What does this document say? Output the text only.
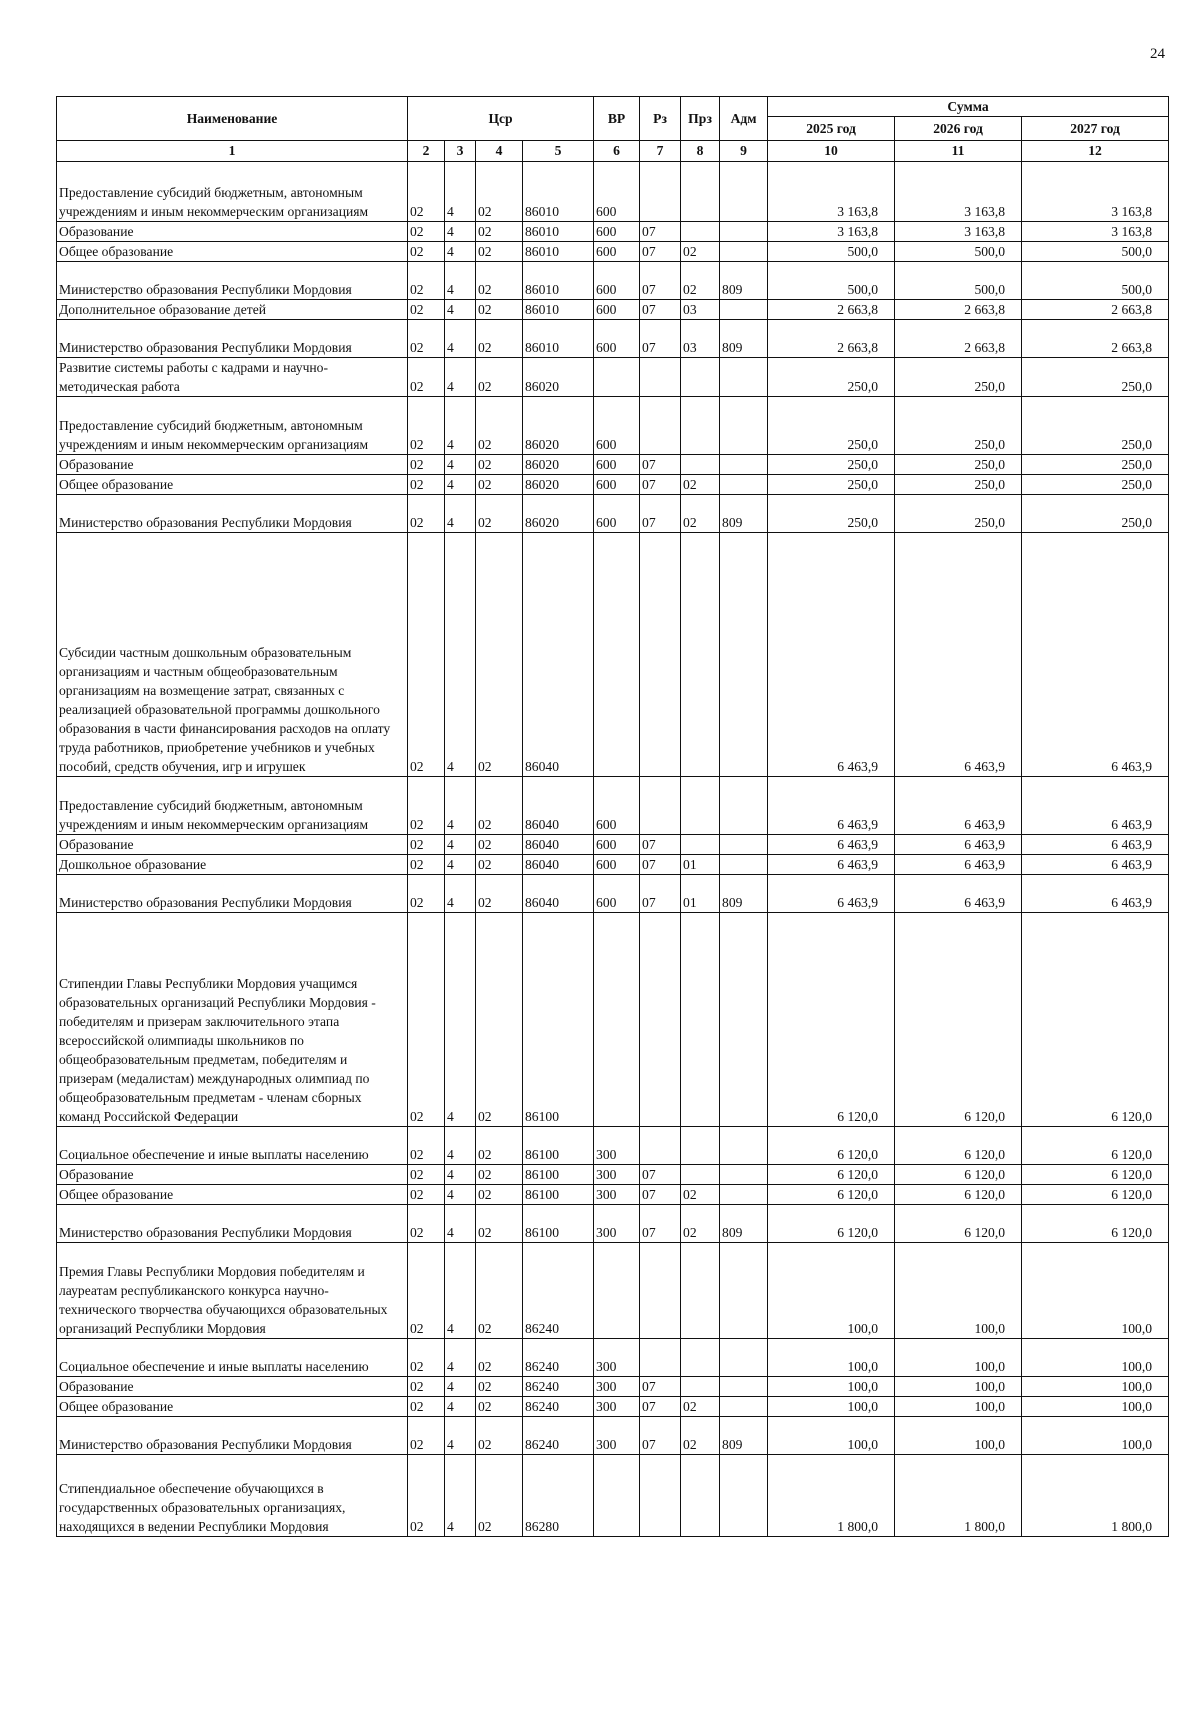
24
Наименование	Цср				ВР	Рз	Прз	Адм	Сумма		
									2025 год	2026 год	2027 год
1	2	3	4	5	6	7	8	9	10	11	12
Предоставление субсидий бюджетным, автономным учреждениям и иным некоммерческим организациям	02	4	02	86010	600				3 163,8	3 163,8	3 163,8
Образование	02	4	02	86010	600	07			3 163,8	3 163,8	3 163,8
Общее образование	02	4	02	86010	600	07	02		500,0	500,0	500,0
Министерство образования Республики Мордовия	02	4	02	86010	600	07	02	809	500,0	500,0	500,0
Дополнительное образование детей	02	4	02	86010	600	07	03		2 663,8	2 663,8	2 663,8
Министерство образования Республики Мордовия	02	4	02	86010	600	07	03	809	2 663,8	2 663,8	2 663,8
Развитие системы работы с кадрами и научно-методическая работа	02	4	02	86020					250,0	250,0	250,0
Предоставление субсидий бюджетным, автономным учреждениям и иным некоммерческим организациям	02	4	02	86020	600				250,0	250,0	250,0
Образование	02	4	02	86020	600	07			250,0	250,0	250,0
Общее образование	02	4	02	86020	600	07	02		250,0	250,0	250,0
Министерство образования Республики Мордовия	02	4	02	86020	600	07	02	809	250,0	250,0	250,0
Субсидии частным дошкольным образовательным организациям и частным общеобразовательным организациям на возмещение затрат, связанных с реализацией образовательной программы дошкольного образования в части финансирования расходов на оплату труда работников, приобретение учебников и учебных пособий, средств обучения, игр и игрушек	02	4	02	86040					6 463,9	6 463,9	6 463,9
Предоставление субсидий бюджетным, автономным учреждениям и иным некоммерческим организациям	02	4	02	86040	600				6 463,9	6 463,9	6 463,9
Образование	02	4	02	86040	600	07			6 463,9	6 463,9	6 463,9
Дошкольное образование	02	4	02	86040	600	07	01		6 463,9	6 463,9	6 463,9
Министерство образования Республики Мордовия	02	4	02	86040	600	07	01	809	6 463,9	6 463,9	6 463,9
Стипендии Главы Республики Мордовия учащимся образовательных организаций Республики Мордовия - победителям и призерам заключительного этапа всероссийской олимпиады школьников по общеобразовательным предметам, победителям и призерам (медалистам) международных олимпиад по общеобразовательным предметам - членам сборных команд Российской Федерации	02	4	02	86100					6 120,0	6 120,0	6 120,0
Социальное обеспечение и иные выплаты населению	02	4	02	86100	300				6 120,0	6 120,0	6 120,0
Образование	02	4	02	86100	300	07			6 120,0	6 120,0	6 120,0
Общее образование	02	4	02	86100	300	07	02		6 120,0	6 120,0	6 120,0
Министерство образования Республики Мордовия	02	4	02	86100	300	07	02	809	6 120,0	6 120,0	6 120,0
Премия Главы Республики Мордовия победителям и лауреатам республиканского конкурса научно-технического творчества обучающихся образовательных организаций Республики Мордовия	02	4	02	86240					100,0	100,0	100,0
Социальное обеспечение и иные выплаты населению	02	4	02	86240	300				100,0	100,0	100,0
Образование	02	4	02	86240	300	07			100,0	100,0	100,0
Общее образование	02	4	02	86240	300	07	02		100,0	100,0	100,0
Министерство образования Республики Мордовия	02	4	02	86240	300	07	02	809	100,0	100,0	100,0
Стипендиальное обеспечение обучающихся в государственных образовательных организациях, находящихся в ведении Республики Мордовия	02	4	02	86280					1 800,0	1 800,0	1 800,0
